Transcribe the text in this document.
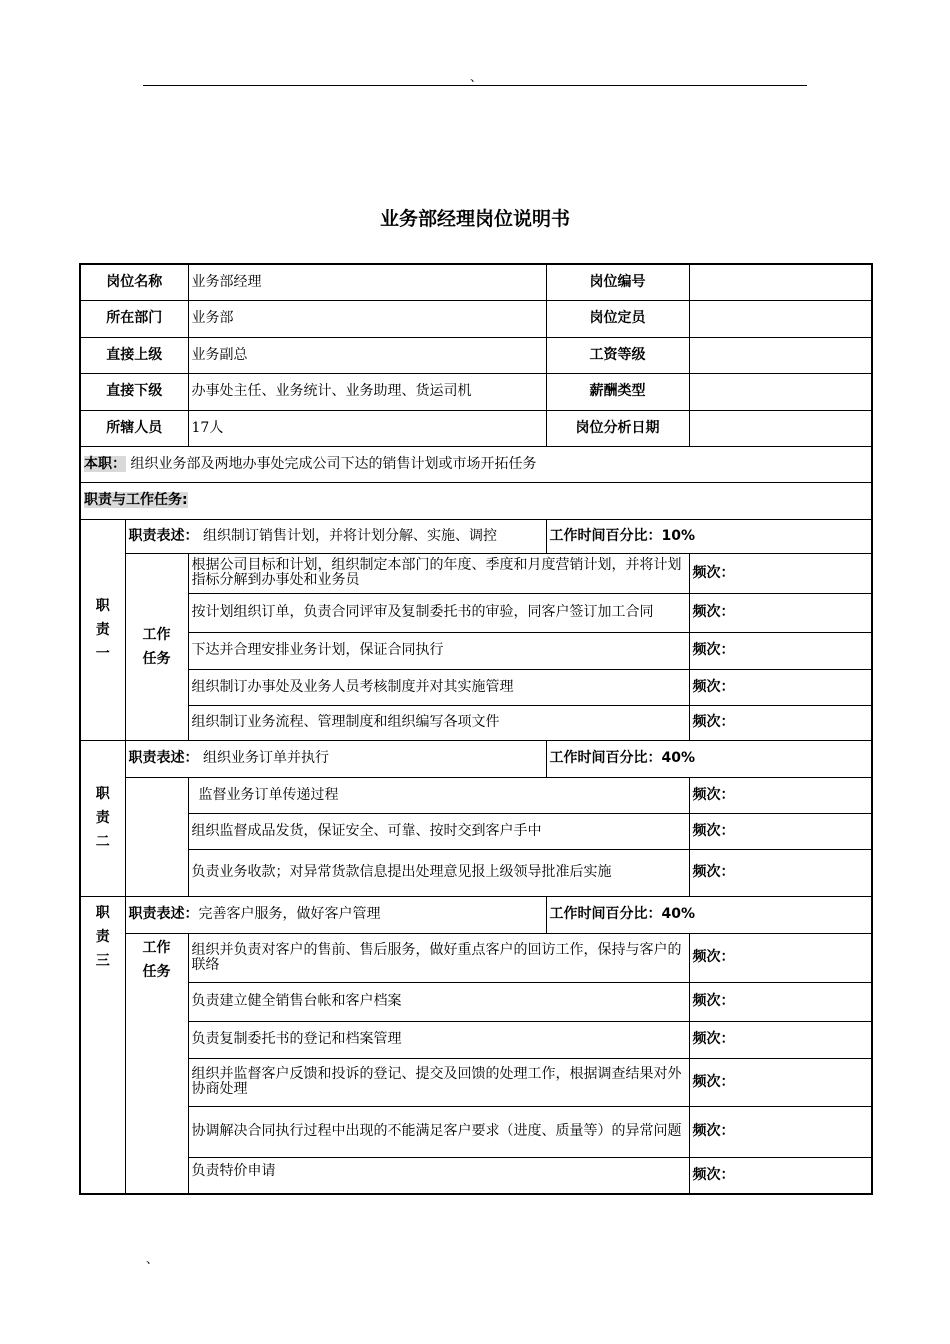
、
业务部经理岗位说明书
岗位名称		业务部经理	岗位编号	
所在部门		业务部	岗位定员	
直接上级		业务副总	工资等级	
直接下级		办事处主任、业务统计、业务助理、货运司机	薪酬类型	
所辖人员		17人	岗位分析日期	
本职： 组织业务部及两地办事处完成公司下达的销售计划或市场开拓任务				
职责与工作任务:				
职
责
一	职责表述： 组织制订销售计划，并将计划分解、实施、调控		工作时间百分比：10%	
	工作
任务	根据公司目标和计划，组织制定本部门的年度、季度和月度营销计划，并将计划指标分解到办事处和业务员		频次：
		按计划组织订单，负责合同评审及复制委托书的审验，同客户签订加工合同		频次：
		下达并合理安排业务计划，保证合同执行		频次：
		组织制订办事处及业务人员考核制度并对其实施管理		频次：
		组织制订业务流程、管理制度和组织编写各项文件		频次：
职
责
二	职责表述： 组织业务订单并执行		工作时间百分比：40%	
		监督业务订单传递过程		频次：
		组织监督成品发货，保证安全、可靠、按时交到客户手中		频次：
		负责业务收款；对异常货款信息提出处理意见报上级领导批准后实施		频次：
职
责
三	职责表述：完善客户服务，做好客户管理		工作时间百分比：40%	
	工作
任务	组织并负责对客户的售前、售后服务，做好重点客户的回访工作，保持与客户的联络		频次：
		负责建立健全销售台帐和客户档案		频次：
		负责复制委托书的登记和档案管理		频次：
		组织并监督客户反馈和投诉的登记、提交及回馈的处理工作，根据调查结果对外协商处理		频次：
		协调解决合同执行过程中出现的不能满足客户要求（进度、质量等）的异常问题		频次：
		负责特价申请		频次：
、
